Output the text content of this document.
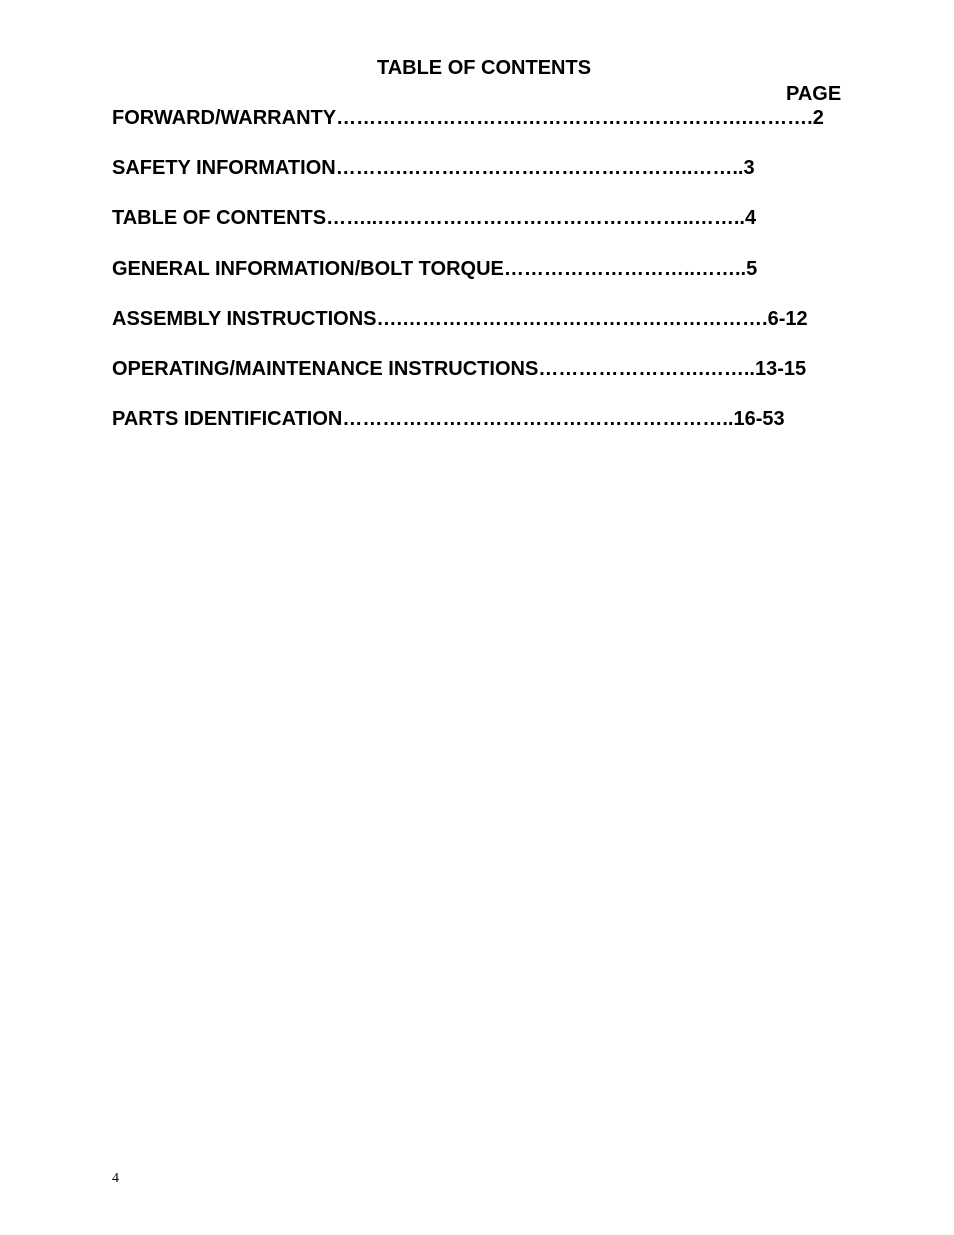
TABLE OF CONTENTS
PAGE
FORWARD/WARRANTY……………………….…………………………….……….2
SAFETY INFORMATION……….……………………………………..……..3
TABLE OF CONTENTS……..….……………………………………..……..4
GENERAL INFORMATION/BOLT TORQUE………………………..……..5
ASSEMBLY INSTRUCTIONS….……………………………………………….6-12
OPERATING/MAINTENANCE INSTRUCTIONS…………………….……..13-15
PARTS IDENTIFICATION…………………………………………………..16-53
4
